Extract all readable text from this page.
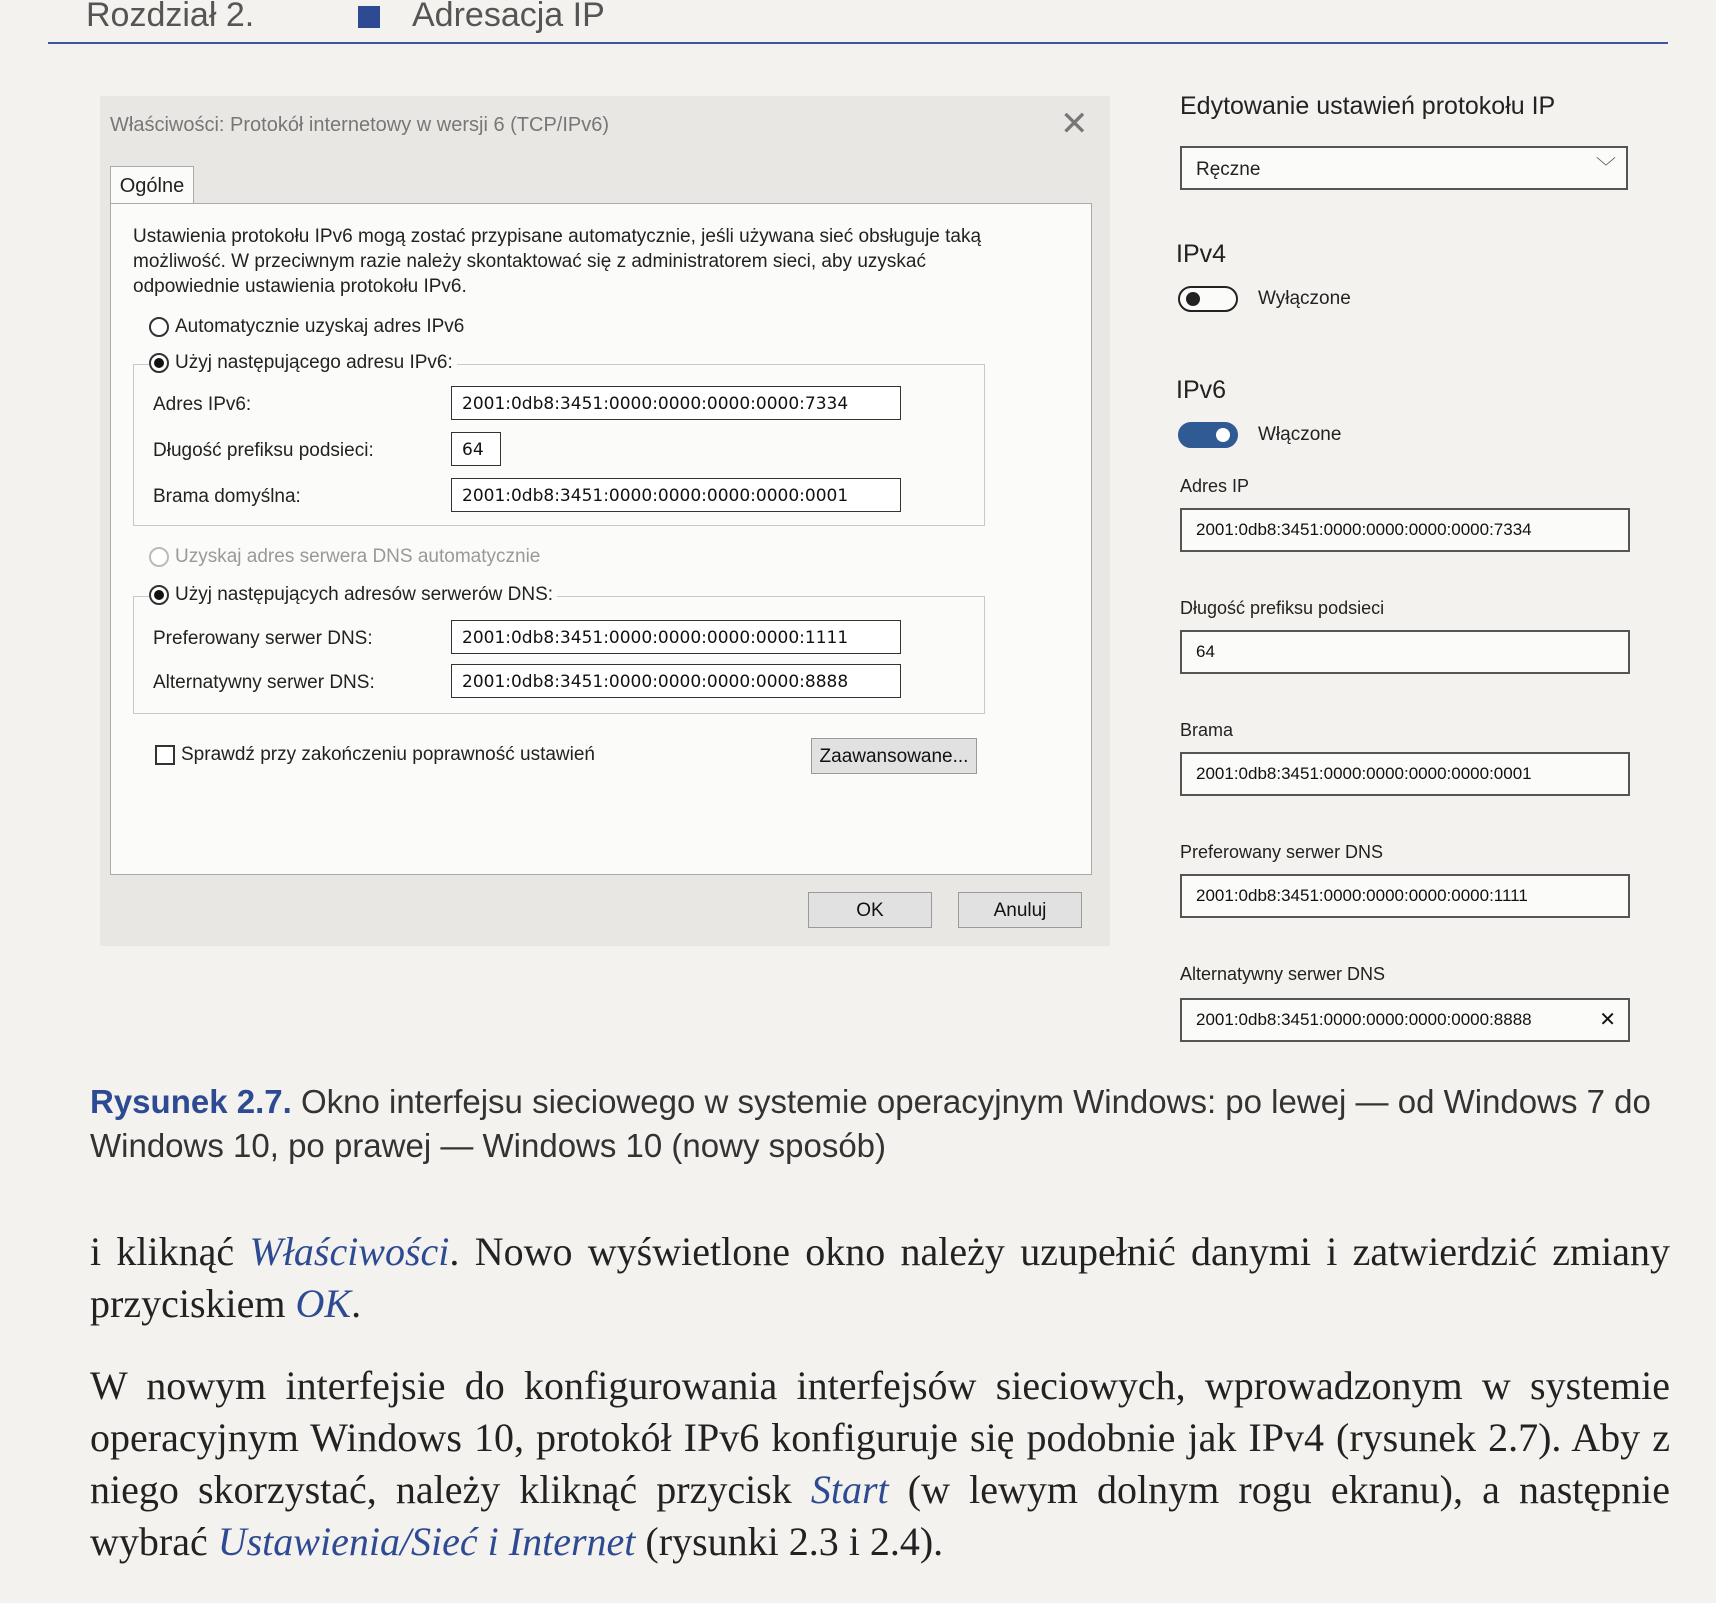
Rozdział 2.	Adresacja IP
Właściwości: Protokół internetowy w wersji 6 (TCP/IPv6)	✕
Ogólne
Ustawienia protokołu IPv6 mogą zostać przypisane automatycznie, jeśli używana sieć obsługuje taką możliwość. W przeciwnym razie należy skontaktować się z administratorem sieci, aby uzyskać odpowiednie ustawienia protokołu IPv6.
Automatycznie uzyskaj adres IPv6
Użyj następującego adresu IPv6:
Adres IPv6:	2001:0db8:3451:0000:0000:0000:0000:7334
Długość prefiksu podsieci:	64
Brama domyślna:	2001:0db8:3451:0000:0000:0000:0000:0001
Uzyskaj adres serwera DNS automatycznie
Użyj następujących adresów serwerów DNS:
Preferowany serwer DNS:	2001:0db8:3451:0000:0000:0000:0000:1111
Alternatywny serwer DNS:	2001:0db8:3451:0000:0000:0000:0000:8888
Sprawdź przy zakończeniu poprawność ustawień	Zaawansowane...
OK	Anuluj
Edytowanie ustawień protokołu IP
Ręczne	﹀
IPv4
Wyłączone
IPv6
Włączone
Adres IP
2001:0db8:3451:0000:0000:0000:0000:7334
Długość prefiksu podsieci
64
Brama
2001:0db8:3451:0000:0000:0000:0000:0001
Preferowany serwer DNS
2001:0db8:3451:0000:0000:0000:0000:1111
Alternatywny serwer DNS
2001:0db8:3451:0000:0000:0000:0000:8888	✕
Rysunek 2.7. Okno interfejsu sieciowego w systemie operacyjnym Windows: po lewej — od Windows 7 do Windows 10, po prawej — Windows 10 (nowy sposób)
i kliknąć Właściwości. Nowo wyświetlone okno należy uzupełnić danymi i zatwierdzić zmiany przyciskiem OK.
W nowym interfejsie do konfigurowania interfejsów sieciowych, wprowadzonym w systemie operacyjnym Windows 10, protokół IPv6 konfiguruje się podobnie jak IPv4 (rysunek 2.7). Aby z niego skorzystać, należy kliknąć przycisk Start (w lewym dolnym rogu ekranu), a następnie wybrać Ustawienia/Sieć i Internet (rysunki 2.3 i 2.4).
